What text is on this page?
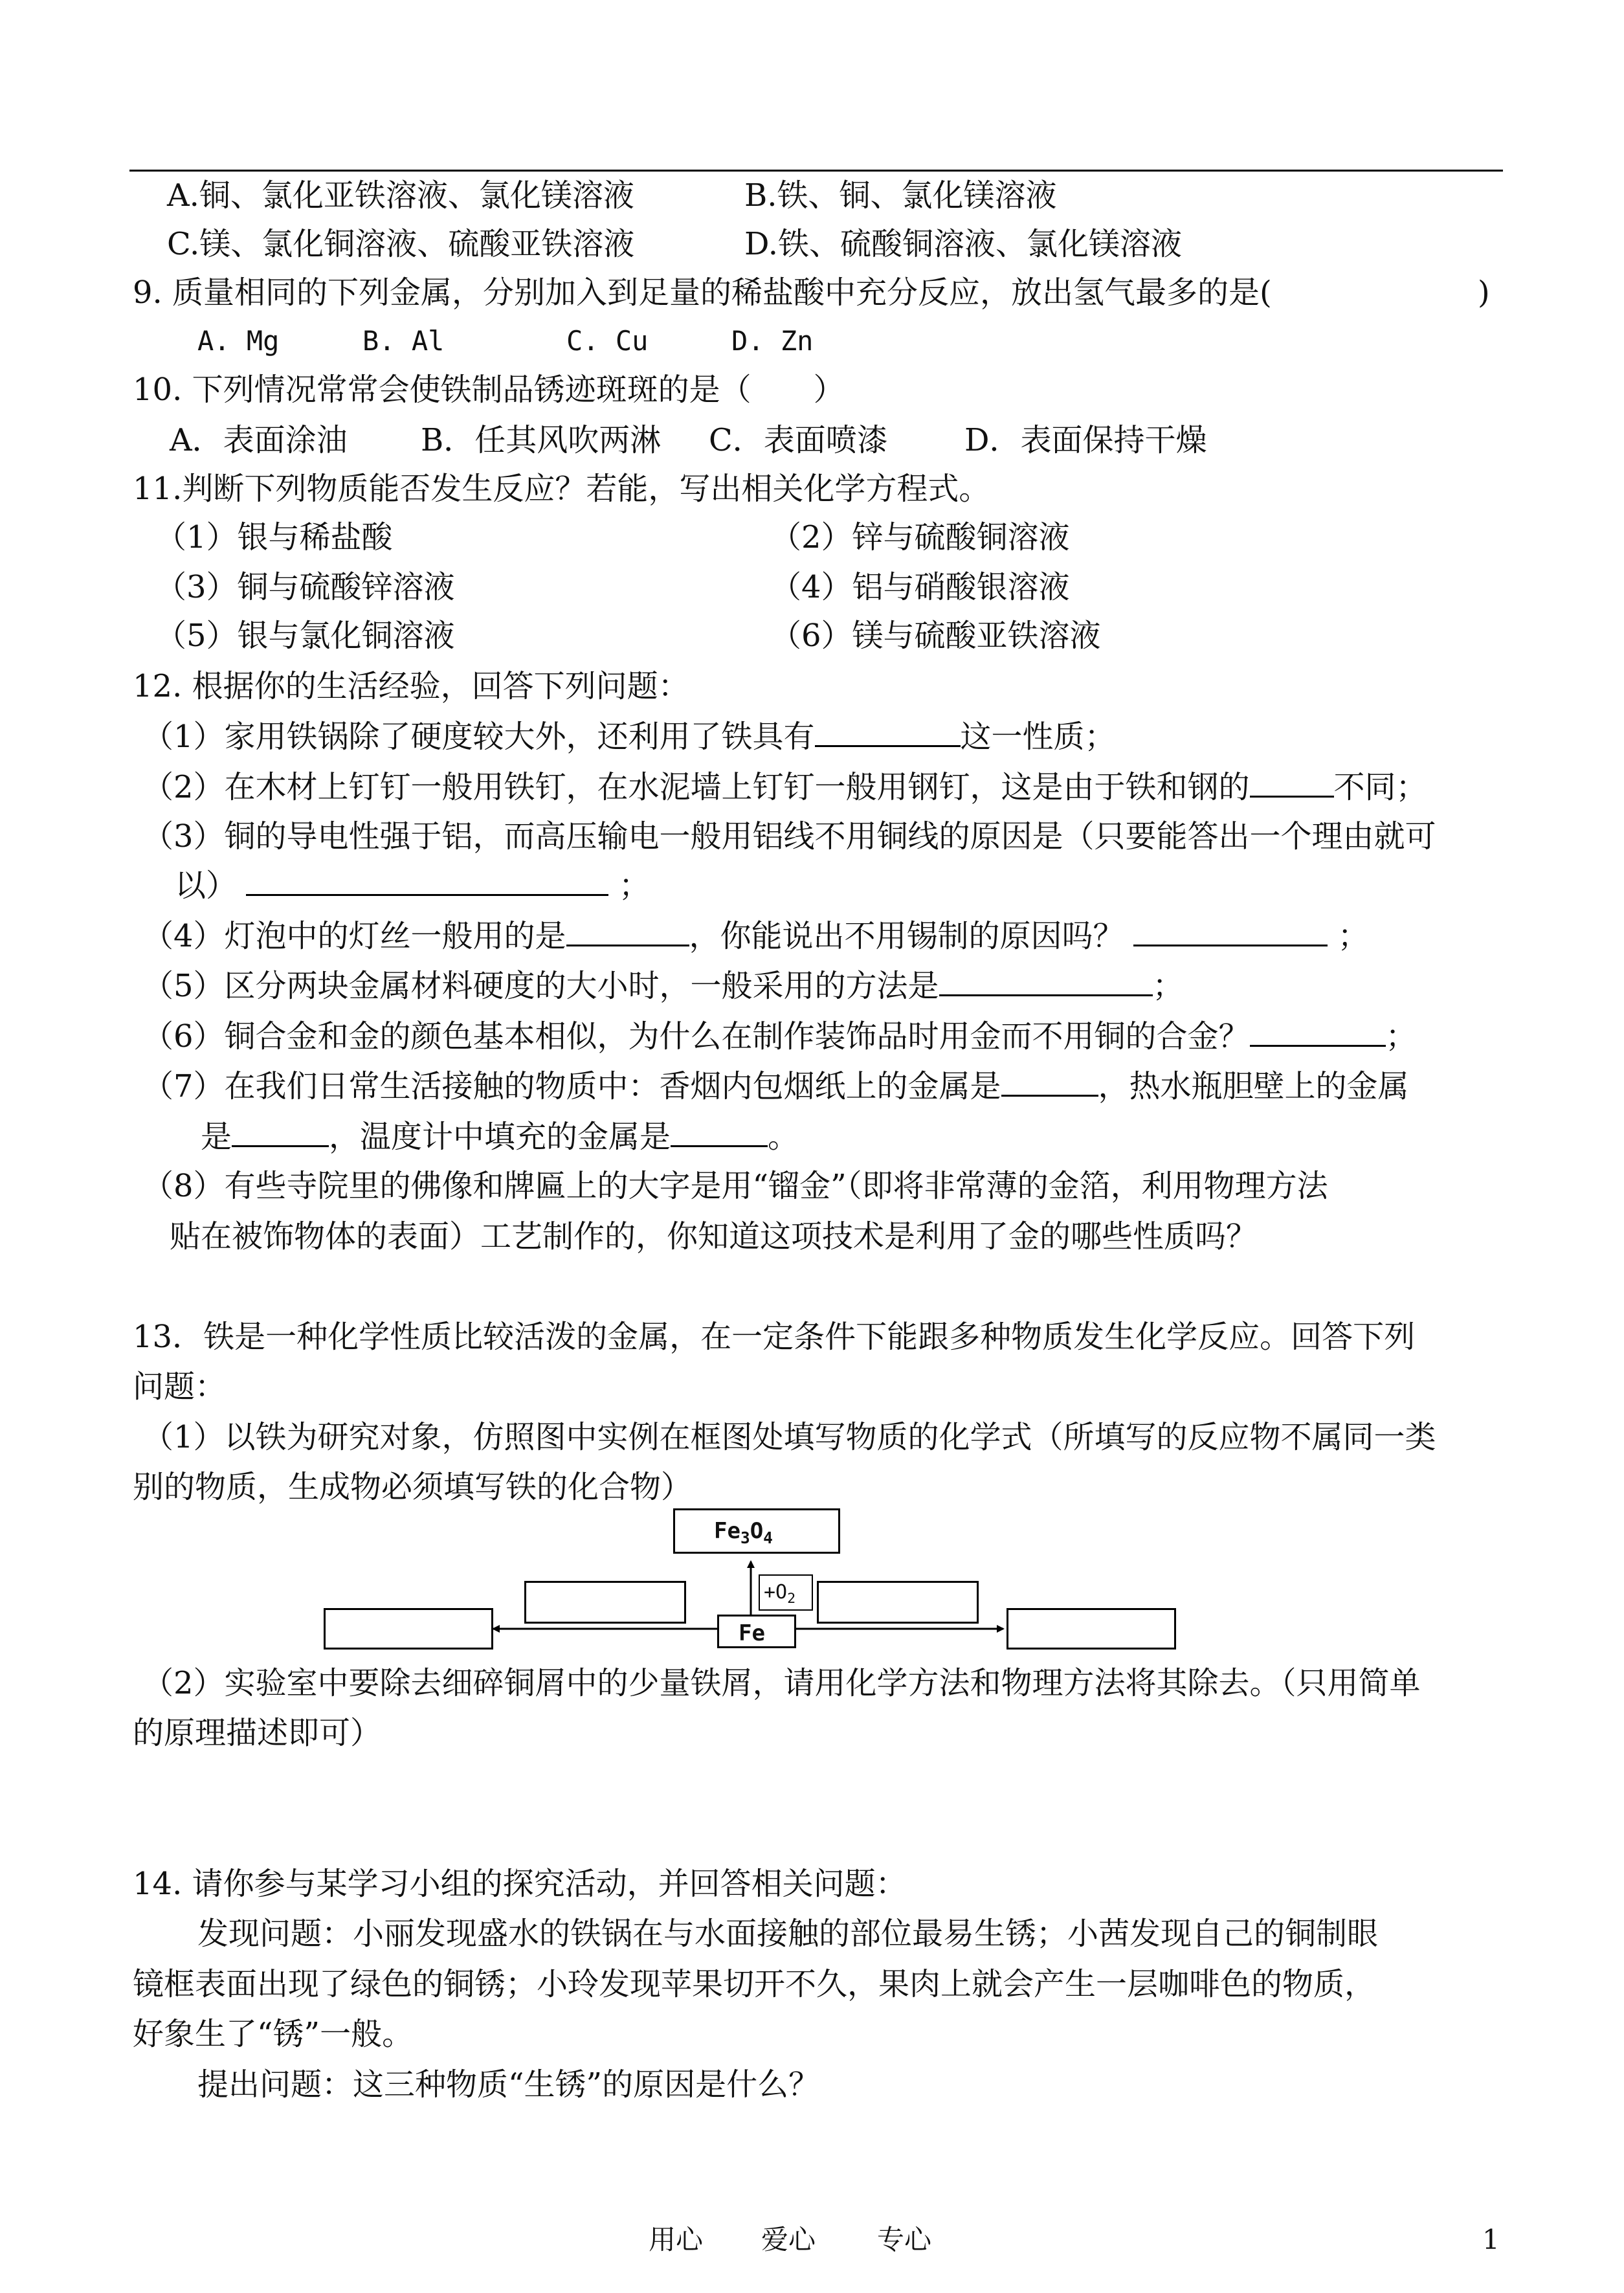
A.铜、氯化亚铁溶液、氯化镁溶液	B.铁、铜、氯化镁溶液
C.镁、氯化铜溶液、硫酸亚铁溶液	D.铁、硫酸铜溶液、氯化镁溶液
9. 质量相同的下列金属，分别加入到足量的稀盐酸中充分反应，放出氢气最多的是(	)
A. Mg	B. Al	C. Cu	D. Zn
10. 下列情况常常会使铁制品锈迹斑斑的是（　　）
A．表面涂油 B．任其风吹两淋 C．表面喷漆 D．表面保持干燥
11.判断下列物质能否发生反应？若能，写出相关化学方程式。
（1）银与稀盐酸	（2）锌与硫酸铜溶液
（3）铜与硫酸锌溶液	（4）铝与硝酸银溶液
（5）银与氯化铜溶液	（6）镁与硫酸亚铁溶液
12. 根据你的生活经验，回答下列问题：
（1）家用铁锅除了硬度较大外，还利用了铁具有	这一性质；
（2）在木材上钉钉一般用铁钉，在水泥墙上钉钉一般用钢钉，这是由于铁和钢的	不同；
（3）铜的导电性强于铝，而高压输电一般用铝线不用铜线的原因是（只要能答出一个理由就可
以）	；
（4）灯泡中的灯丝一般用的是	，你能说出不用锡制的原因吗？	；
（5）区分两块金属材料硬度的大小时，一般采用的方法是	；
（6）铜合金和金的颜色基本相似，为什么在制作装饰品时用金而不用铜的合金？	；
（7）在我们日常生活接触的物质中：香烟内包烟纸上的金属是	，热水瓶胆壁上的金属
是	，温度计中填充的金属是	。
（8）有些寺院里的佛像和牌匾上的大字是用“镏金”（即将非常薄的金箔，利用物理方法
贴在被饰物体的表面）工艺制作的，你知道这项技术是利用了金的哪些性质吗？
13．铁是一种化学性质比较活泼的金属，在一定条件下能跟多种物质发生化学反应。回答下列
问题：
（1）以铁为研究对象，仿照图中实例在框图处填写物质的化学式（所填写的反应物不属同一类
别的物质，生成物必须填写铁的化合物）
$Fe_3O_4$
$+O_2$
Fe
（2）实验室中要除去细碎铜屑中的少量铁屑，请用化学方法和物理方法将其除去。（只用简单
的原理描述即可）
14. 请你参与某学习小组的探究活动，并回答相关问题：
发现问题：小丽发现盛水的铁锅在与水面接触的部位最易生锈；小茜发现自己的铜制眼
镜框表面出现了绿色的铜锈；小玲发现苹果切开不久，果肉上就会产生一层咖啡色的物质，
好象生了“锈”一般。
提出问题：这三种物质“生锈”的原因是什么？
用心 爱心 专心	1
